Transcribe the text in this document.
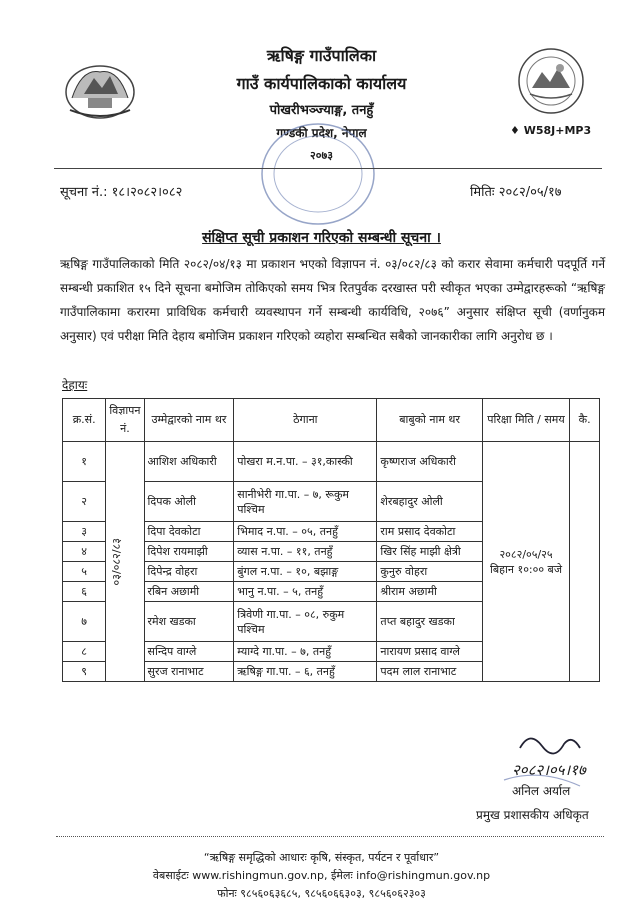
ऋषिङ्ग गाउँपालिका
गाउँ कार्यपालिकाको कार्यालय
पोखरीभञ्ज्याङ्ग, तनहुँ
गण्डकी प्रदेश, नेपाल
२०७३
♦ W58J+MP3
सूचना नं.: १८।२०८२।०८२	मितिः २०८२/०५/१७
संक्षिप्त सूची प्रकाशन गरिएको सम्बन्धी सूचना ।
ऋषिङ्ग गाउँपालिकाको मिति २०८२/०४/१३ मा प्रकाशन भएको विज्ञापन नं. ०३/०८२/८३ को करार सेवामा कर्मचारी पदपूर्ति गर्ने सम्बन्धी प्रकाशित १५ दिने सूचना बमोजिम तोकिएको समय भित्र रितपुर्वक दरखास्त परी स्वीकृत भएका उम्मेद्वारहरूको “ऋषिङ्ग गाउँपालिकामा करारमा प्राविधिक कर्मचारी व्यवस्थापन गर्ने सम्बन्धी कार्यविधि, २०७६” अनुसार संक्षिप्त सूची (वर्णानुकम अनुसार) एवं परीक्षा मिति देहाय बमोजिम प्रकाशन गरिएको व्यहोरा सम्बन्धित सबैको जानकारीका लागि अनुरोध छ ।
देहायः
क्र.सं.	विज्ञापन नं.	उम्मेद्वारको नाम थर	ठेगाना	बाबुको नाम थर	परिक्षा मिति / समय	कै.
१	०३/०८२/८३	आशिश अधिकारी	पोखरा म.न.पा. – ३१,कास्की	कृष्णराज अधिकारी	२०८२/०५/२५
बिहान १०:०० बजे	

२		दिपक ओली	सानीभेरी गा.पा. – ७, रूकुम पश्चिम	शेरबहादुर ओली		
३		दिपा देवकोटा	भिमाद न.पा. – ०५, तनहुँ	राम प्रसाद देवकोटा		
४		दिपेश रायमाझी	व्यास न.पा. – ११, तनहुँ	खिर सिंह माझी क्षेत्री		
५		दिपेन्द्र वोहरा	बुंगल न.पा. – १०, बझाङ्ग	कुनुरु वोहरा		
६		रबिन अछामी	भानु न.पा. – ५, तनहुँ	श्रीराम अछामी		
७		रमेश खडका	त्रिवेणी गा.पा. – ०८, रुकुम पश्चिम	तप्त बहादुर खडका		
८		सन्दिप वाग्ले	म्याग्दे गा.पा. – ७, तनहुँ	नारायण प्रसाद वाग्ले		
९		सुरज रानाभाट	ऋषिङ्ग गा.पा. – ६, तनहुँ	पदम लाल रानाभाट		
२०८२।०५।१७
अनिल अर्याल
प्रमुख प्रशासकीय अधिकृत
“ऋषिङ्ग समृद्धिको आधारः कृषि, संस्कृत, पर्यटन र पूर्वाधार”
वेबसाईटः www.rishingmun.gov.np, ईमेलः info@rishingmun.gov.np
फोनः ९८५६०६३६८५, ९८५६०६६३०३, ९८५६०६२३०३
